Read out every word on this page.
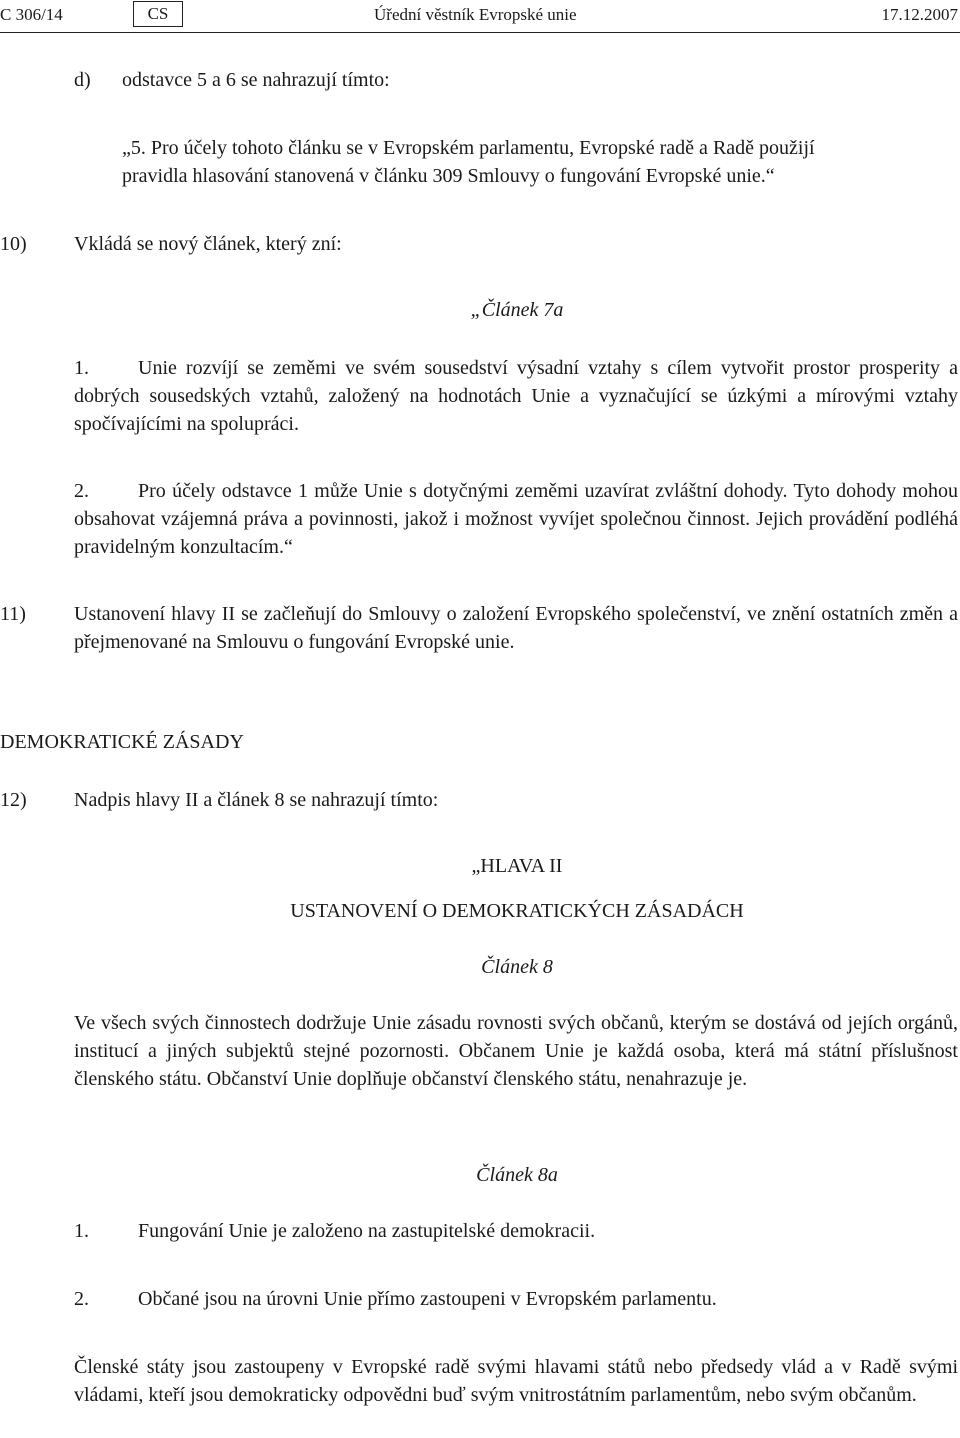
C 306/14	CS	Úřední věstník Evropské unie	17.12.2007
d) odstavce 5 a 6 se nahrazují tímto:
„5. Pro účely tohoto článku se v Evropském parlamentu, Evropské radě a Radě použijí
pravidla hlasování stanovená v článku 309 Smlouvy o fungování Evropské unie.“
10) Vkládá se nový článek, který zní:
„Článek 7a
1. Unie rozvíjí se zeměmi ve svém sousedství výsadní vztahy s cílem vytvořit prostor prosperity a dobrých sousedských vztahů, založený na hodnotách Unie a vyznačující se úzkými a mírovými vztahy spočívajícími na spolupráci.
2. Pro účely odstavce 1 může Unie s dotyčnými zeměmi uzavírat zvláštní dohody. Tyto dohody mohou obsahovat vzájemná práva a povinnosti, jakož i možnost vyvíjet společnou činnost. Jejich provádění podléhá pravidelným konzultacím.“
11) Ustanovení hlavy II se začleňují do Smlouvy o založení Evropského společenství, ve znění ostatních změn a přejmenované na Smlouvu o fungování Evropské unie.
DEMOKRATICKÉ ZÁSADY
12) Nadpis hlavy II a článek 8 se nahrazují tímto:
„HLAVA II
USTANOVENÍ O DEMOKRATICKÝCH ZÁSADÁCH
Článek 8
Ve všech svých činnostech dodržuje Unie zásadu rovnosti svých občanů, kterým se dostává od jejích orgánů, institucí a jiných subjektů stejné pozornosti. Občanem Unie je každá osoba, která má státní příslušnost členského státu. Občanství Unie doplňuje občanství členského státu, nenahrazuje je.
Článek 8a
1. Fungování Unie je založeno na zastupitelské demokracii.
2. Občané jsou na úrovni Unie přímo zastoupeni v Evropském parlamentu.
Členské státy jsou zastoupeny v Evropské radě svými hlavami států nebo předsedy vlád a v Radě svými vládami, kteří jsou demokraticky odpovědni buď svým vnitrostátním parlamentům, nebo svým občanům.
